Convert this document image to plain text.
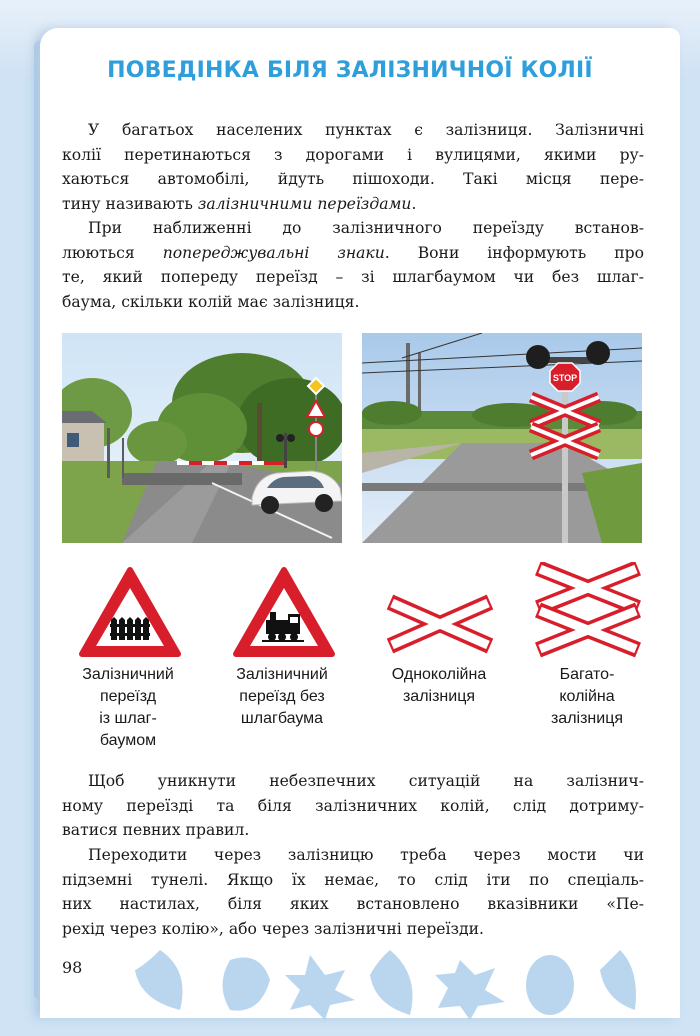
ПОВЕДІНКА БІЛЯ ЗАЛІЗНИЧНОЇ КОЛІЇ
У багатьох населених пунктах є залізниця. Залізничні
колії перетинаються з дорогами і вулицями, якими ру-
хаються автомобілі, йдуть пішоходи. Такі місця пере-
тину називають залізничними переїздами.
При наближенні до залізничного переїзду встанов-
люються попереджувальні знаки. Вони інформують про
те, який попереду переїзд – зі шлагбаумом чи без шлаг-
баума, скільки колій має залізниця.
STOP
Залізничний
переїзд
із шлаг-
баумом
Залізничний
переїзд без
шлагбаума
Одноколійна
залізниця
Багато-
колійна
залізниця
Щоб уникнути небезпечних ситуацій на залізнич-
ному переїзді та біля залізничних колій, слід дотриму-
ватися певних правил.
Переходити через залізницю треба через мости чи
підземні тунелі. Якщо їх немає, то слід іти по спеціаль-
них настилах, біля яких встановлено вказівники «Пе-
рехід через колію», або через залізничні переїзди.
98
